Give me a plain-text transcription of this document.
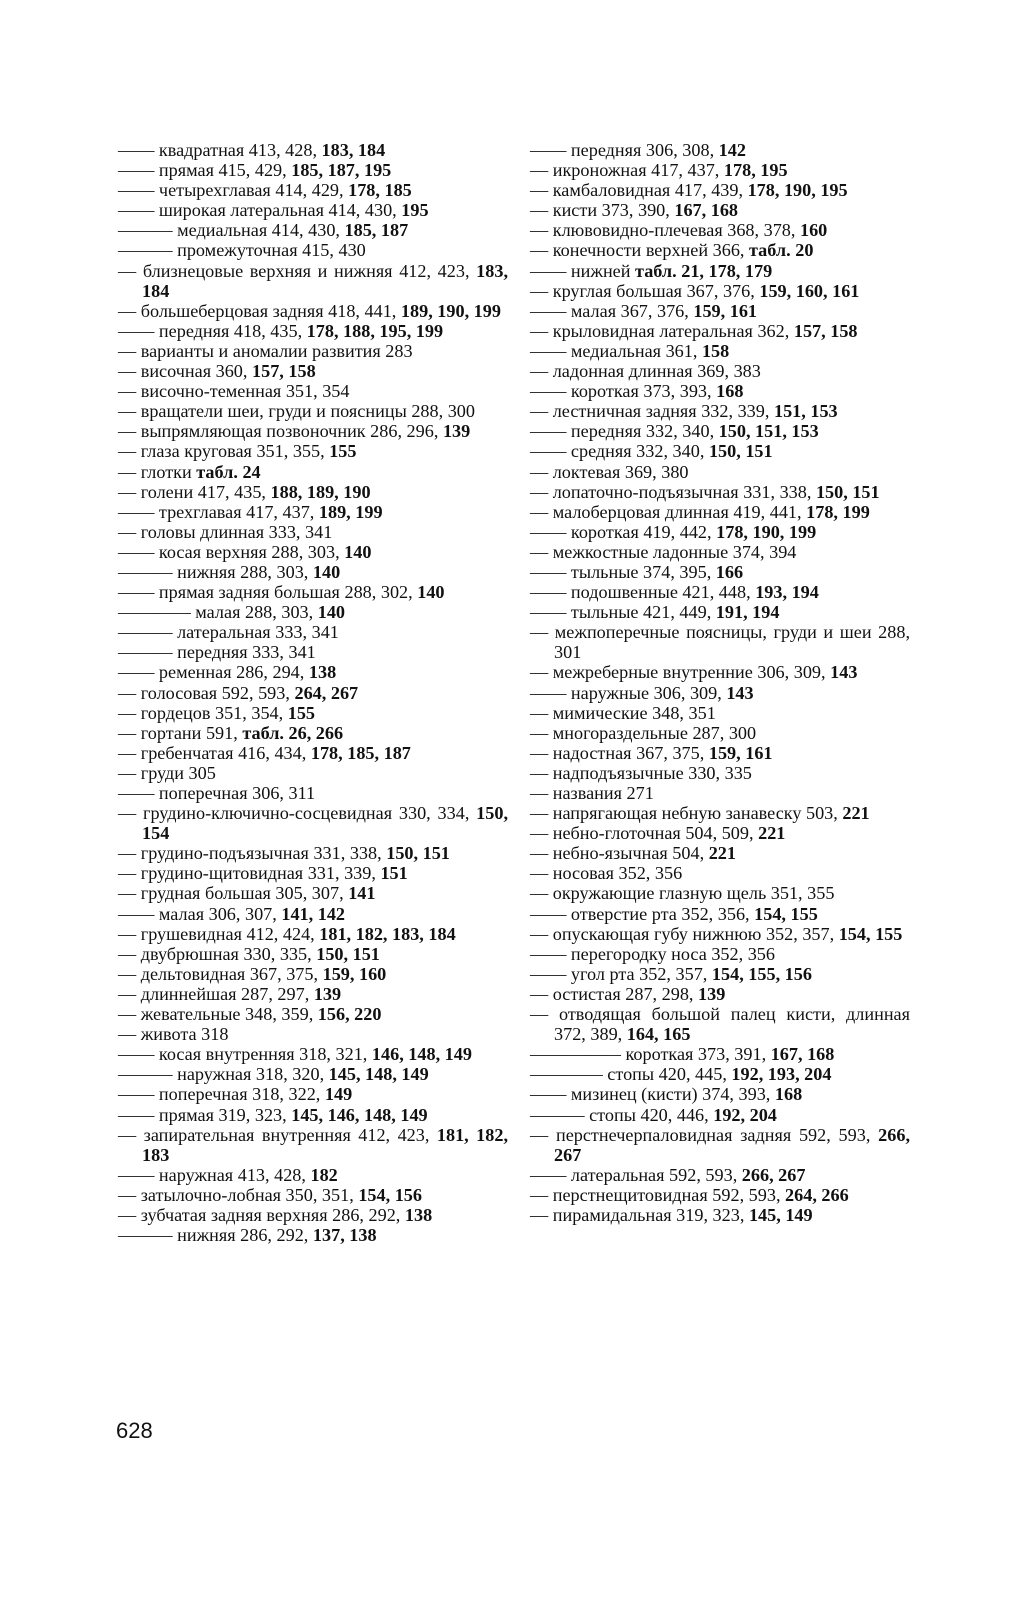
—— квадратная 413, 428, 183, 184

—— прямая 415, 429, 185, 187, 195

—— четырехглавая 414, 429, 178, 185

—— широкая латеральная 414, 430, 195

——— медиальная 414, 430, 185, 187

——— промежуточная 415, 430

— близнецовые верхняя и нижняя 412, 423, 183, 184

— большеберцовая задняя 418, 441, 189, 190, 199

—— передняя 418, 435, 178, 188, 195, 199

— варианты и аномалии развития 283

— височная 360, 157, 158

— височно-теменная 351, 354

— вращатели шеи, груди и поясницы 288, 300

— выпрямляющая позвоночник 286, 296, 139

— глаза круговая 351, 355, 155

— глотки табл. 24

— голени 417, 435, 188, 189, 190

—— трехглавая 417, 437, 189, 199

— головы длинная 333, 341

—— косая верхняя 288, 303, 140

——— нижняя 288, 303, 140

—— прямая задняя большая 288, 302, 140

———— малая 288, 303, 140

——— латеральная 333, 341

——— передняя 333, 341

—— ременная 286, 294, 138

— голосовая 592, 593, 264, 267

— гордецов 351, 354, 155

— гортани 591, табл. 26, 266

— гребенчатая 416, 434, 178, 185, 187

— груди 305

—— поперечная 306, 311

— грудино-ключично-сосцевидная 330, 334, 150, 154

— грудино-подъязычная 331, 338, 150, 151

— грудино-щитовидная 331, 339, 151

— грудная большая 305, 307, 141

—— малая 306, 307, 141, 142

— грушевидная 412, 424, 181, 182, 183, 184

— двубрюшная 330, 335, 150, 151

— дельтовидная 367, 375, 159, 160

— длиннейшая 287, 297, 139

— жевательные 348, 359, 156, 220

— живота 318

—— косая внутренняя 318, 321, 146, 148, 149

——— наружная 318, 320, 145, 148, 149

—— поперечная 318, 322, 149

—— прямая 319, 323, 145, 146, 148, 149

— запирательная внутренняя 412, 423, 181, 182, 183

—— наружная 413, 428, 182

— затылочно-лобная 350, 351, 154, 156

— зубчатая задняя верхняя 286, 292, 138

——— нижняя 286, 292, 137, 138

—— передняя 306, 308, 142

— икроножная 417, 437, 178, 195

— камбаловидная 417, 439, 178, 190, 195

— кисти 373, 390, 167, 168

— клювовидно-плечевая 368, 378, 160

— конечности верхней 366, табл. 20

—— нижней табл. 21, 178, 179

— круглая большая 367, 376, 159, 160, 161

—— малая 367, 376, 159, 161

— крыловидная латеральная 362, 157, 158

—— медиальная 361, 158

— ладонная длинная 369, 383

—— короткая 373, 393, 168

— лестничная задняя 332, 339, 151, 153

—— передняя 332, 340, 150, 151, 153

—— средняя 332, 340, 150, 151

— локтевая 369, 380

— лопаточно-подъязычная 331, 338, 150, 151

— малоберцовая длинная 419, 441, 178, 199

—— короткая 419, 442, 178, 190, 199

— межкостные ладонные 374, 394

—— тыльные 374, 395, 166

—— подошвенные 421, 448, 193, 194

—— тыльные 421, 449, 191, 194

— межпоперечные поясницы, груди и шеи 288, 301

— межреберные внутренние 306, 309, 143

—— наружные 306, 309, 143

— мимические 348, 351

— многораздельные 287, 300

— надостная 367, 375, 159, 161

— надподъязычные 330, 335

— названия 271

— напрягающая небную занавеску 503, 221

— небно-глоточная 504, 509, 221

— небно-язычная 504, 221

— носовая 352, 356

— окружающие глазную щель 351, 355

—— отверстие рта 352, 356, 154, 155

— опускающая губу нижнюю 352, 357, 154, 155

—— перегородку носа 352, 356

—— угол рта 352, 357, 154, 155, 156

— остистая 287, 298, 139

— отводящая большой палец кисти, длинная 372, 389, 164, 165

————— короткая 373, 391, 167, 168

———— стопы 420, 445, 192, 193, 204

—— мизинец (кисти) 374, 393, 168

——— стопы 420, 446, 192, 204

— перстнечерпаловидная задняя 592, 593, 266, 267

—— латеральная 592, 593, 266, 267

— перстнещитовидная 592, 593, 264, 266

— пирамидальная 319, 323, 145, 149

628
